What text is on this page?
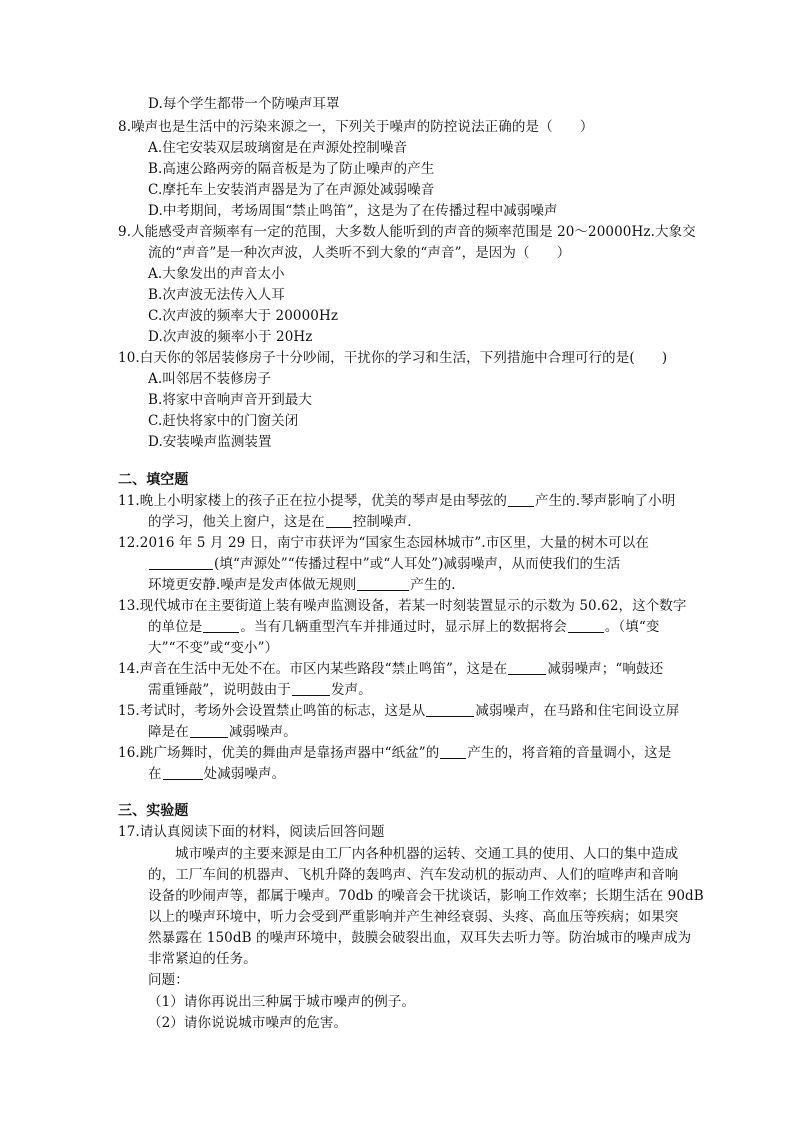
D.每个学生都带一个防噪声耳罩
8.噪声也是生活中的污染来源之一，下列关于噪声的防控说法正确的是（　　）
A.住宅安装双层玻璃窗是在声源处控制噪音
B.高速公路两旁的隔音板是为了防止噪声的产生
C.摩托车上安装消声器是为了在声源处减弱噪音
D.中考期间，考场周围“禁止鸣笛”，这是为了在传播过程中减弱噪声
9.人能感受声音频率有一定的范围，大多数人能听到的声音的频率范围是 20～20000Hz.大象交
流的“声音”是一种次声波，人类听不到大象的“声音”，是因为（　　）
A.大象发出的声音太小
B.次声波无法传入人耳
C.次声波的频率大于 20000Hz
D.次声波的频率小于 20Hz
10.白天你的邻居装修房子十分吵闹，干扰你的学习和生活，下列措施中合理可行的是(　　)
A.叫邻居不装修房子
B.将家中音响声音开到最大
C.赶快将家中的门窗关闭
D.安装噪声监测装置
二、填空题
11.晚上小明家楼上的孩子正在拉小提琴，优美的琴声是由琴弦的 产生的.琴声影响了小明
的学习，他关上窗户，这是在 控制噪声.
12.2016 年 5 月 29 日，南宁市获评为“国家生态园林城市”.市区里，大量的树木可以在
(填“声源处”“传播过程中”或“人耳处”)减弱噪声，从而使我们的生活
环境更安静.噪声是发声体做无规则	产生的.
13.现代城市在主要街道上装有噪声监测设备，若某一时刻装置显示的示数为 50.62，这个数字
的单位是	。当有几辆重型汽车并排通过时，显示屏上的数据将会	。（填“变
大”“不变”或“变小”）
14.声音在生活中无处不在。市区内某些路段“禁止鸣笛”，这是在	减弱噪声；“响鼓还
需重锤敲”，说明鼓由于	发声。
15.考试时，考场外会设置禁止鸣笛的标志，这是从	减弱噪声，在马路和住宅间设立屏
障是在	减弱噪声。
16.跳广场舞时，优美的舞曲声是靠扬声器中“纸盆”的 产生的，将音箱的音量调小，这是
在	处减弱噪声。
三、实验题
17.请认真阅读下面的材料，阅读后回答问题
城市噪声的主要来源是由工厂内各种机器的运转、交通工具的使用、人口的集中造成
的，工厂车间的机器声、飞机升降的轰鸣声、汽车发动机的振动声、人们的喧哗声和音响
设备的吵闹声等，都属于噪声。70db 的噪音会干扰谈话，影响工作效率；长期生活在 90dB
以上的噪声环境中，听力会受到严重影响并产生神经衰弱、头疼、高血压等疾病；如果突
然暴露在 150dB 的噪声环境中，鼓膜会破裂出血，双耳失去听力等。防治城市的噪声成为
非常紧迫的任务。
问题：
（1）请你再说出三种属于城市噪声的例子。
（2）请你说说城市噪声的危害。
